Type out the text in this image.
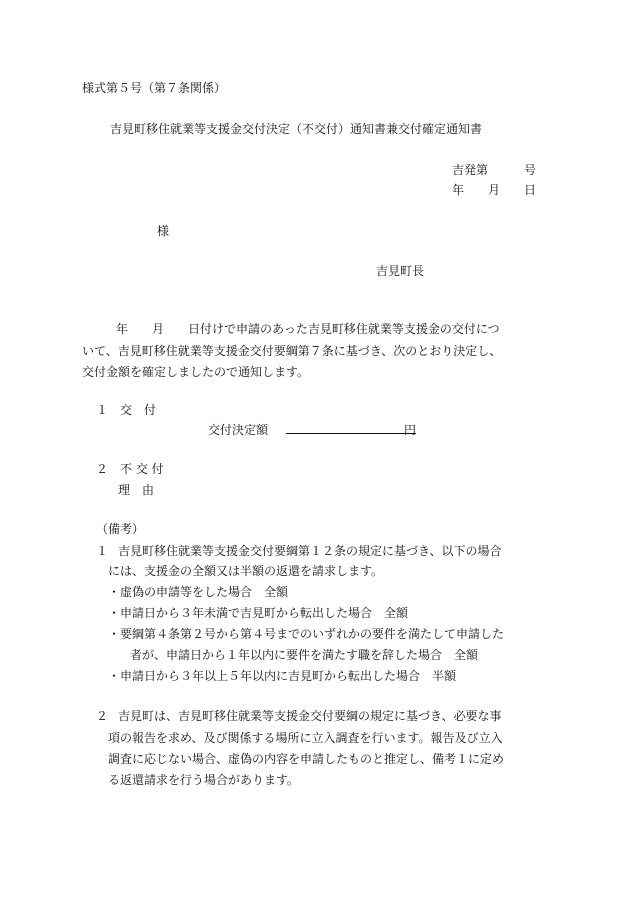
様式第５号（第７条関係）
吉見町移住就業等支援金交付決定（不交付）通知書兼交付確定通知書
吉発第　　　号
年　　月　　日
様
吉見町長
年　　月　　日付けで申請のあった吉見町移住就業等支援金の交付につ
いて、吉見町移住就業等支援金交付要綱第７条に基づき、次のとおり決定し、
交付金額を確定しましたので通知します。
１ 交　付
交付決定額	円
２ 不 交 付
理　由
（備考）
１ 吉見町移住就業等支援金交付要綱第１２条の規定に基づき、以下の場合
には、支援金の全額又は半額の返還を請求します。
・虚偽の申請等をした場合　全額
・申請日から３年未満で吉見町から転出した場合　全額
・要綱第４条第２号から第４号までのいずれかの要件を満たして申請した
者が、申請日から１年以内に要件を満たす職を辞した場合　全額
・申請日から３年以上５年以内に吉見町から転出した場合　半額
２ 吉見町は、吉見町移住就業等支援金交付要綱の規定に基づき、必要な事
項の報告を求め、及び関係する場所に立入調査を行います。報告及び立入
調査に応じない場合、虚偽の内容を申請したものと推定し、備考１に定め
る返還請求を行う場合があります。
